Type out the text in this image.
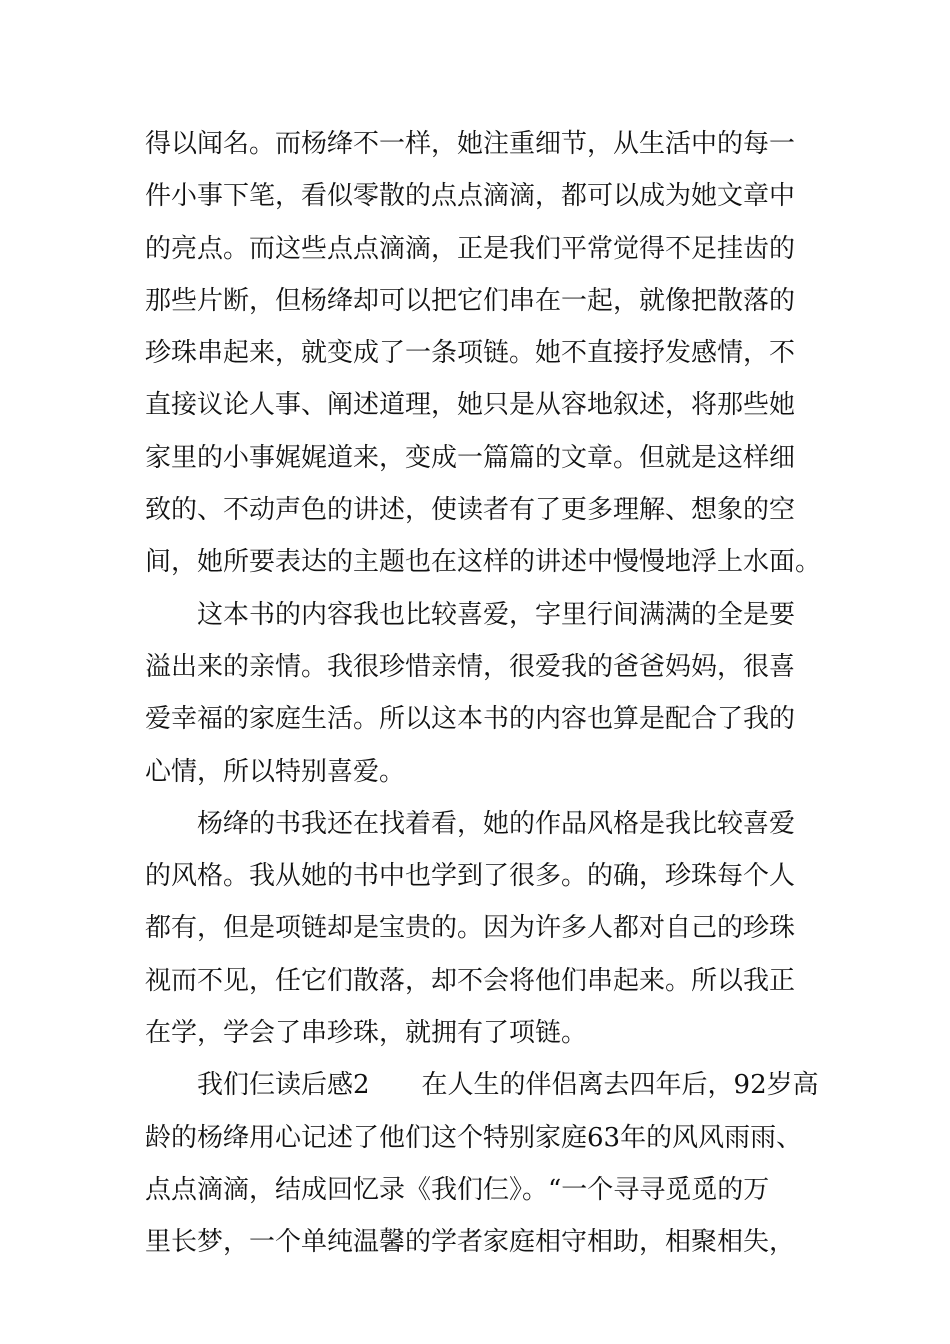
得以闻名。而杨绛不一样，她注重细节，从生活中的每一
件小事下笔，看似零散的点点滴滴，都可以成为她文章中
的亮点。而这些点点滴滴，正是我们平常觉得不足挂齿的
那些片断，但杨绛却可以把它们串在一起，就像把散落的
珍珠串起来，就变成了一条项链。她不直接抒发感情，不
直接议论人事、阐述道理，她只是从容地叙述，将那些她
家里的小事娓娓道来，变成一篇篇的文章。但就是这样细
致的、不动声色的讲述，使读者有了更多理解、想象的空
间，她所要表达的主题也在这样的讲述中慢慢地浮上水面。
这本书的内容我也比较喜爱，字里行间满满的全是要
溢出来的亲情。我很珍惜亲情，很爱我的爸爸妈妈，很喜
爱幸福的家庭生活。所以这本书的内容也算是配合了我的
心情，所以特别喜爱。
杨绛的书我还在找着看，她的作品风格是我比较喜爱
的风格。我从她的书中也学到了很多。的确，珍珠每个人
都有，但是项链却是宝贵的。因为许多人都对自己的珍珠
视而不见，任它们散落，却不会将他们串起来。所以我正
在学，学会了串珍珠，就拥有了项链。
我们仨读后感2 在人生的伴侣离去四年后，92岁高
龄的杨绛用心记述了他们这个特别家庭63年的风风雨雨、
点点滴滴，结成回忆录《我们仨》。“一个寻寻觅觅的万
里长梦，一个单纯温馨的学者家庭相守相助，相聚相失，
